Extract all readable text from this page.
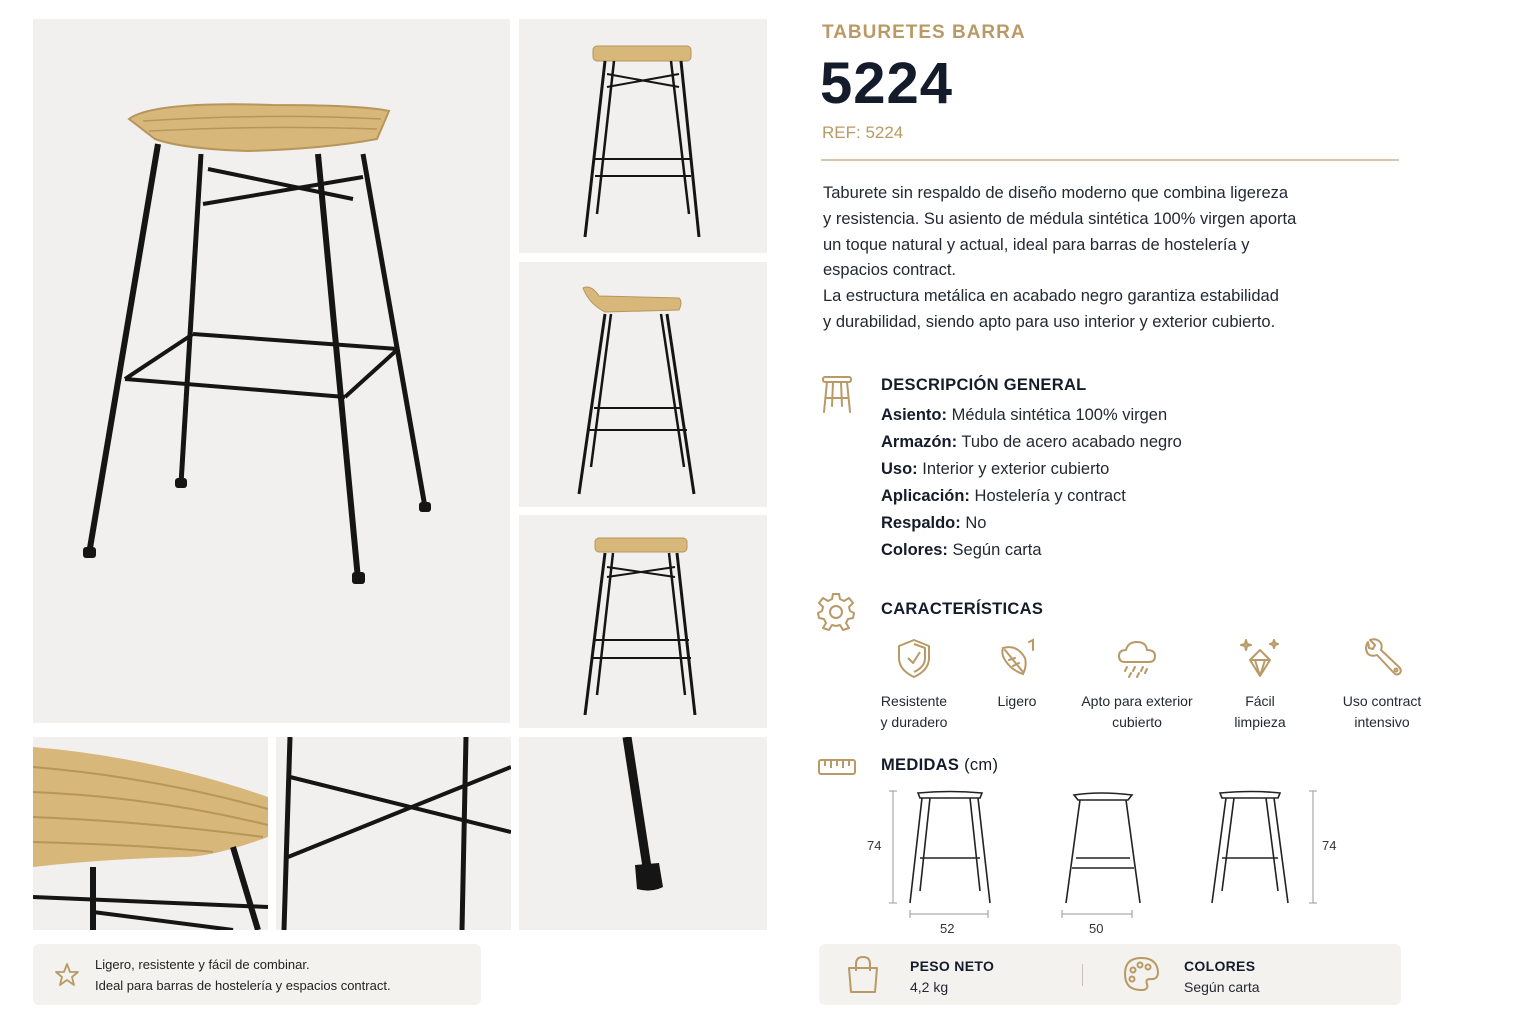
Ligero, resistente y fácil de combinar.
Ideal para barras de hostelería y espacios contract.
TABURETES BARRA
5224
REF: 5224
Taburete sin respaldo de diseño moderno que combina ligereza
y resistencia. Su asiento de médula sintética 100% virgen aporta
un toque natural y actual, ideal para barras de hostelería y
espacios contract.
La estructura metálica en acabado negro garantiza estabilidad
y durabilidad, siendo apto para uso interior y exterior cubierto.
DESCRIPCIÓN GENERAL
Asiento: Médula sintética 100% virgen
Armazón: Tubo de acero acabado negro
Uso: Interior y exterior cubierto
Aplicación: Hostelería y contract
Respaldo: No
Colores: Según carta
CARACTERÍSTICAS
Resistente
y duradero
Ligero	Apto para exterior
cubierto
Fácil
limpieza
Uso contract
intensivo
MEDIDAS (cm)
74	74
52	50
PESO NETO
4,2 kg
COLORES
Según carta
